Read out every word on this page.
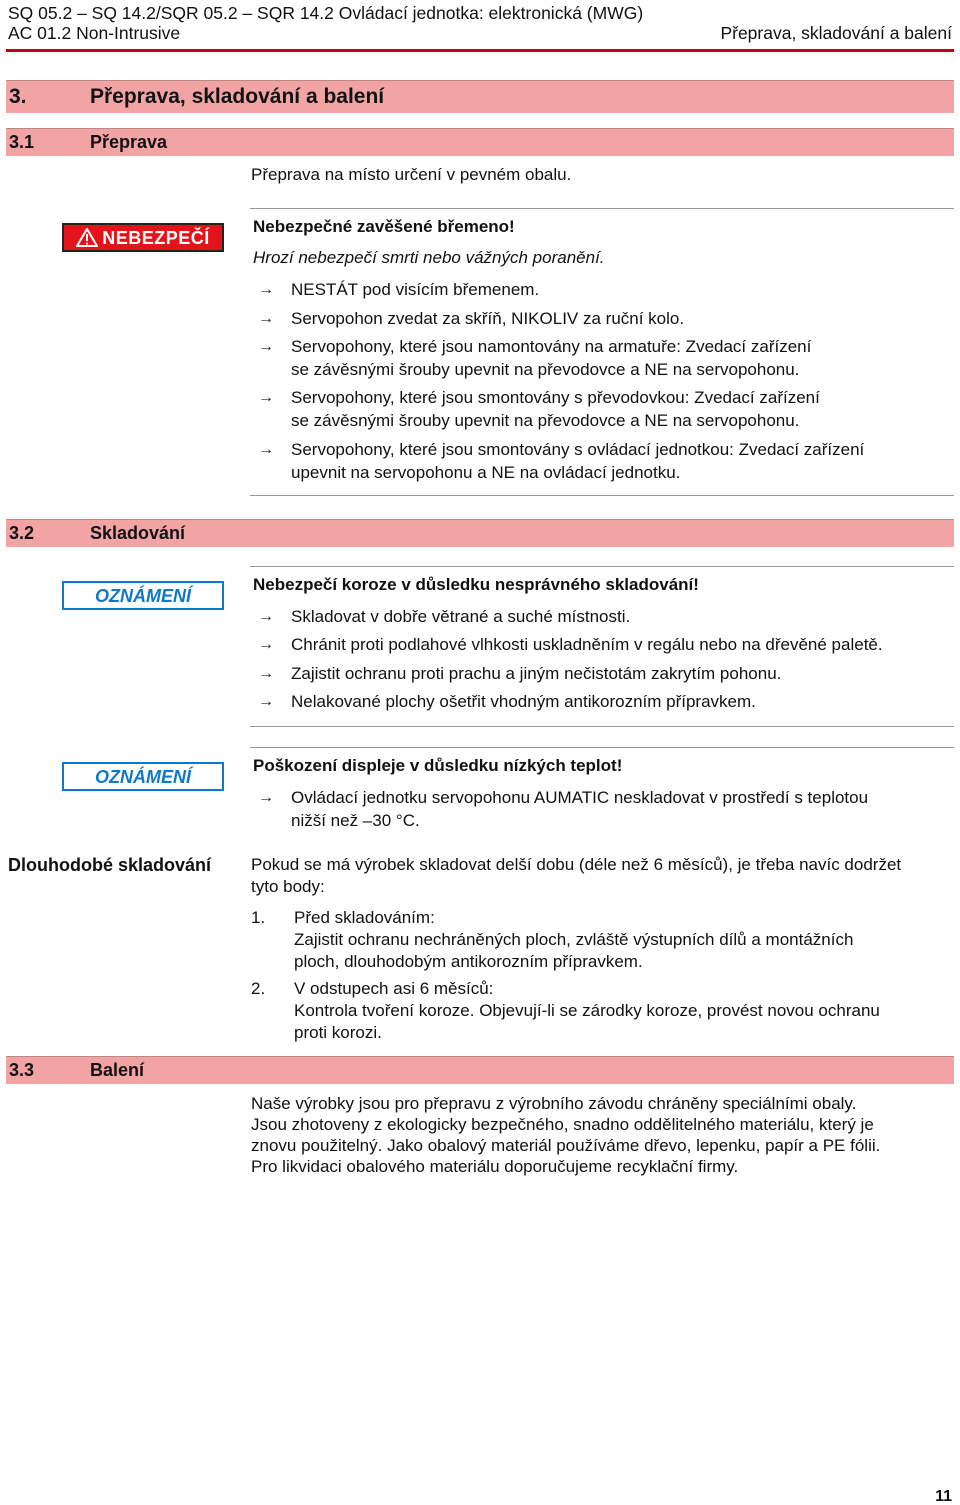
SQ 05.2 – SQ 14.2/SQR 05.2 – SQR 14.2 Ovládací jednotka: elektronická (MWG)
AC 01.2 Non-Intrusive	Přeprava, skladování a balení
3.	Přeprava, skladování a balení
3.1	Přeprava
Přeprava na místo určení v pevném obalu.
NEBEZPEČÍ
Nebezpečné zavěšené břemeno!
Hrozí nebezpečí smrti nebo vážných poranění.
→	NESTÁT pod visícím břemenem.
→	Servopohon zvedat za skříň, NIKOLIV za ruční kolo.
→	Servopohony, které jsou namontovány na armatuře: Zvedací zařízení
se závěsnými šrouby upevnit na převodovce a NE na servopohonu.
→	Servopohony, které jsou smontovány s převodovkou: Zvedací zařízení
se závěsnými šrouby upevnit na převodovce a NE na servopohonu.
→	Servopohony, které jsou smontovány s ovládací jednotkou: Zvedací zařízení
upevnit na servopohonu a NE na ovládací jednotku.
3.2	Skladování
OZNÁMENÍ
Nebezpečí koroze v důsledku nesprávného skladování!
→	Skladovat v dobře větrané a suché místnosti.
→	Chránit proti podlahové vlhkosti uskladněním v regálu nebo na dřevěné paletě.
→	Zajistit ochranu proti prachu a jiným nečistotám zakrytím pohonu.
→	Nelakované plochy ošetřit vhodným antikorozním přípravkem.
OZNÁMENÍ
Poškození displeje v důsledku nízkých teplot!
→	Ovládací jednotku servopohonu AUMATIC neskladovat v prostředí s teplotou
nižší než –30 °C.
Dlouhodobé skladování Pokud se má výrobek skladovat delší dobu (déle než 6 měsíců), je třeba navíc dodržet
tyto body:
1. Před skladováním:
Zajistit ochranu nechráněných ploch, zvláště výstupních dílů a montážních
ploch, dlouhodobým antikorozním přípravkem.
2. V odstupech asi 6 měsíců:
Kontrola tvoření koroze. Objevují-li se zárodky koroze, provést novou ochranu
proti korozi.
3.3	Balení
Naše výrobky jsou pro přepravu z výrobního závodu chráněny speciálními obaly.
Jsou zhotoveny z ekologicky bezpečného, snadno oddělitelného materiálu, který je
znovu použitelný. Jako obalový materiál používáme dřevo, lepenku, papír a PE fólii.
Pro likvidaci obalového materiálu doporučujeme recyklační firmy.
11
